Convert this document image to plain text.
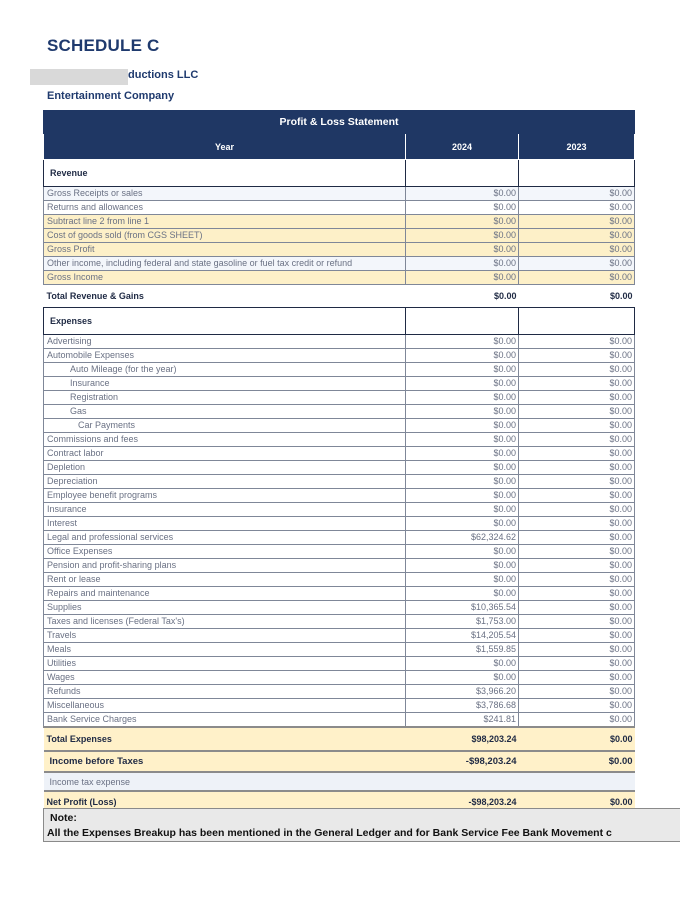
SCHEDULE C
ductions LLC
Entertainment Company
Profit & Loss Statement		
Year	2024	2023
Revenue		
Gross Receipts or sales	$0.00	$0.00
Returns and allowances	$0.00	$0.00
Subtract line 2 from line 1	$0.00	$0.00
Cost of goods sold (from CGS SHEET)	$0.00	$0.00
Gross Profit	$0.00	$0.00
Other income, including federal and state gasoline or fuel tax credit or refund	$0.00	$0.00
Gross Income	$0.00	$0.00
Total Revenue & Gains	$0.00	$0.00
Expenses		
Advertising	$0.00	$0.00
Automobile Expenses	$0.00	$0.00
Auto Mileage (for the year)	$0.00	$0.00
Insurance	$0.00	$0.00
Registration	$0.00	$0.00
Gas	$0.00	$0.00
Car Payments	$0.00	$0.00
Commissions and fees	$0.00	$0.00
Contract labor	$0.00	$0.00
Depletion	$0.00	$0.00
Depreciation	$0.00	$0.00
Employee benefit programs	$0.00	$0.00
Insurance	$0.00	$0.00
Interest	$0.00	$0.00
Legal and professional services	$62,324.62	$0.00
Office Expenses	$0.00	$0.00
Pension and profit-sharing plans	$0.00	$0.00
Rent or lease	$0.00	$0.00
Repairs and maintenance	$0.00	$0.00
Supplies	$10,365.54	$0.00
Taxes and licenses (Federal Tax's)	$1,753.00	$0.00
Travels	$14,205.54	$0.00
Meals	$1,559.85	$0.00
Utilities	$0.00	$0.00
Wages	$0.00	$0.00
Refunds	$3,966.20	$0.00
Miscellaneous	$3,786.68	$0.00
Bank Service Charges	$241.81	$0.00
Total Expenses	$98,203.24	$0.00
Income before Taxes	-$98,203.24	$0.00
Income tax expense		
Net Profit (Loss)	-$98,203.24	$0.00
Note:
All the Expenses Breakup has been mentioned in the General Ledger and for Bank Service Fee Bank Movement c
